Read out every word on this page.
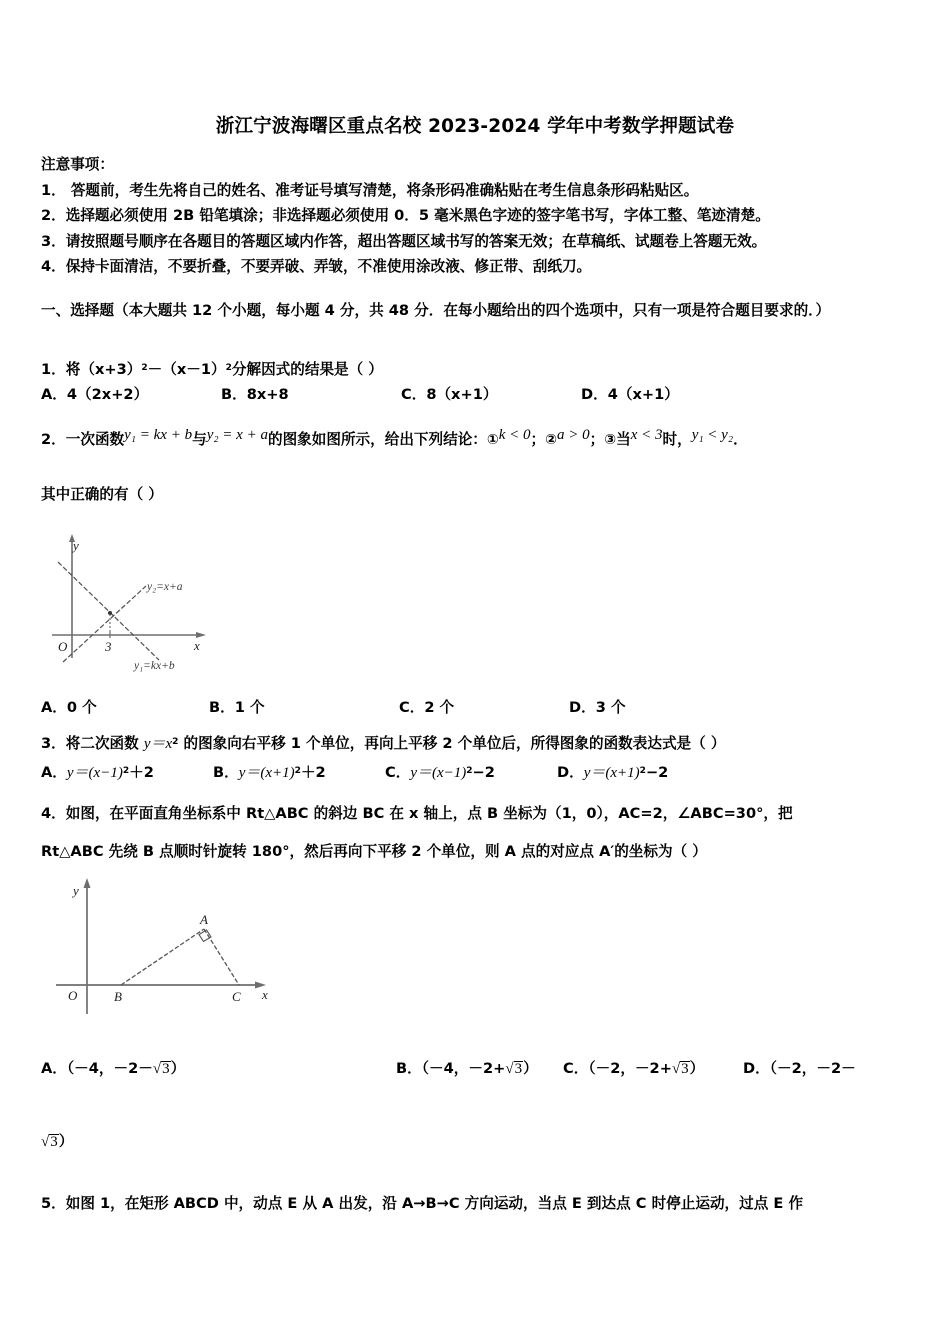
浙江宁波海曙区重点名校 2023-2024 学年中考数学押题试卷
注意事项：
1． 答题前，考生先将自己的姓名、准考证号填写清楚，将条形码准确粘贴在考生信息条形码粘贴区。
2．选择题必须使用 2B 铅笔填涂；非选择题必须使用 0．5 毫米黑色字迹的签字笔书写，字体工整、笔迹清楚。
3．请按照题号顺序在各题目的答题区域内作答，超出答题区域书写的答案无效；在草稿纸、试题卷上答题无效。
4．保持卡面清洁，不要折叠，不要弄破、弄皱，不准使用涂改液、修正带、刮纸刀。
一、选择题（本大题共 12 个小题，每小题 4 分，共 48 分．在每小题给出的四个选项中，只有一项是符合题目要求的．）
1．将$(x+3)^2-(x-1)^2$分解因式的结果是（ ）
A．4（2x+2）	B．8x+8	C．8（x+1）	D．4（x+1）
2．一次函数y₁ = kx + b与y₂ = x + a的图象如图所示，给出下列结论：①k < 0；②a > 0；③当x < 3时，y₁ < y₂．
其中正确的有（ ）
y
x
O	3
y₂=x+a
y₁=kx+b
A．0 个	B．1 个	C．2 个	D．3 个
3．将二次函数 $y=x^2$ 的图象向右平移 1 个单位，再向上平移 2 个单位后，所得图象的函数表达式是（ ）
A．$y=(x-1)^2+2$	B．$y=(x+1)^2+2$	C．$y=(x-1)^2-2$	D．$y=(x+1)^2-2$
4．如图，在平面直角坐标系中 Rt△ABC 的斜边 BC 在 x 轴上，点 B 坐标为（1，0），AC=2，∠ABC=30°，把
Rt△ABC 先绕 B 点顺时针旋转 180°，然后再向下平移 2 个单位，则 A 点的对应点 A′的坐标为（ ）
y
x
O	B	C
A
A．（－4，－2－√3）	B．（－4，－2+√3） C．（－2，－2+√3）	D．（－2，－2－
√3）
5．如图 1，在矩形 ABCD 中，动点 E 从 A 出发，沿 A→B→C 方向运动，当点 E 到达点 C 时停止运动，过点 E 作
